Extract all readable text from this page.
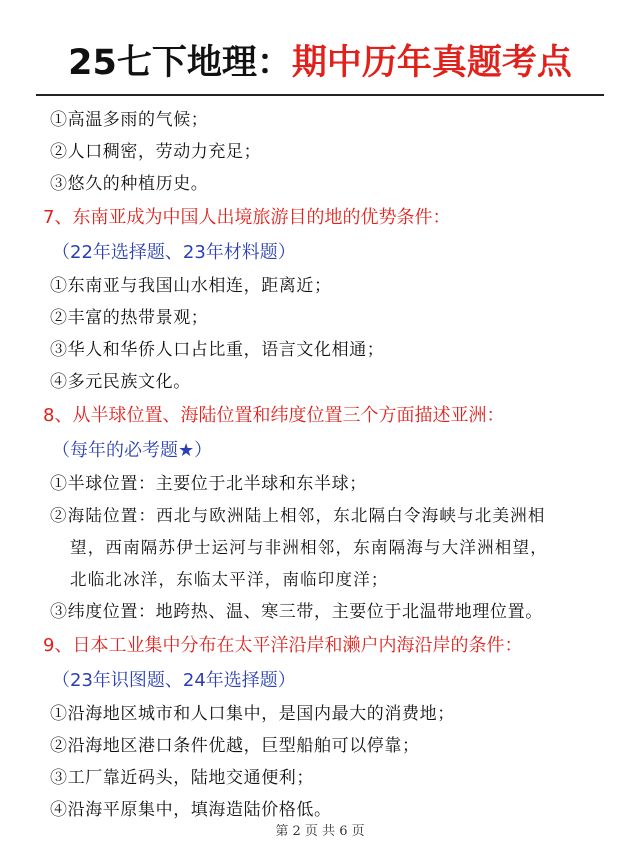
25七下地理：期中历年真题考点
①高温多雨的气候；
②人口稠密，劳动力充足；
③悠久的种植历史。
7、东南亚成为中国人出境旅游目的地的优势条件：
（22年选择题、23年材料题）
①东南亚与我国山水相连，距离近；
②丰富的热带景观；
③华人和华侨人口占比重，语言文化相通；
④多元民族文化。
8、从半球位置、海陆位置和纬度位置三个方面描述亚洲：
（每年的必考题★）
①半球位置：主要位于北半球和东半球；
②海陆位置：西北与欧洲陆上相邻，东北隔白令海峡与北美洲相
望，西南隔苏伊士运河与非洲相邻，东南隔海与大洋洲相望，
北临北冰洋，东临太平洋，南临印度洋；
③纬度位置：地跨热、温、寒三带，主要位于北温带地理位置。
9、日本工业集中分布在太平洋沿岸和濑户内海沿岸的条件：
（23年识图题、24年选择题）
①沿海地区城市和人口集中，是国内最大的消费地；
②沿海地区港口条件优越，巨型船舶可以停靠；
③工厂靠近码头，陆地交通便利；
④沿海平原集中，填海造陆价格低。
第 2 页 共 6 页
